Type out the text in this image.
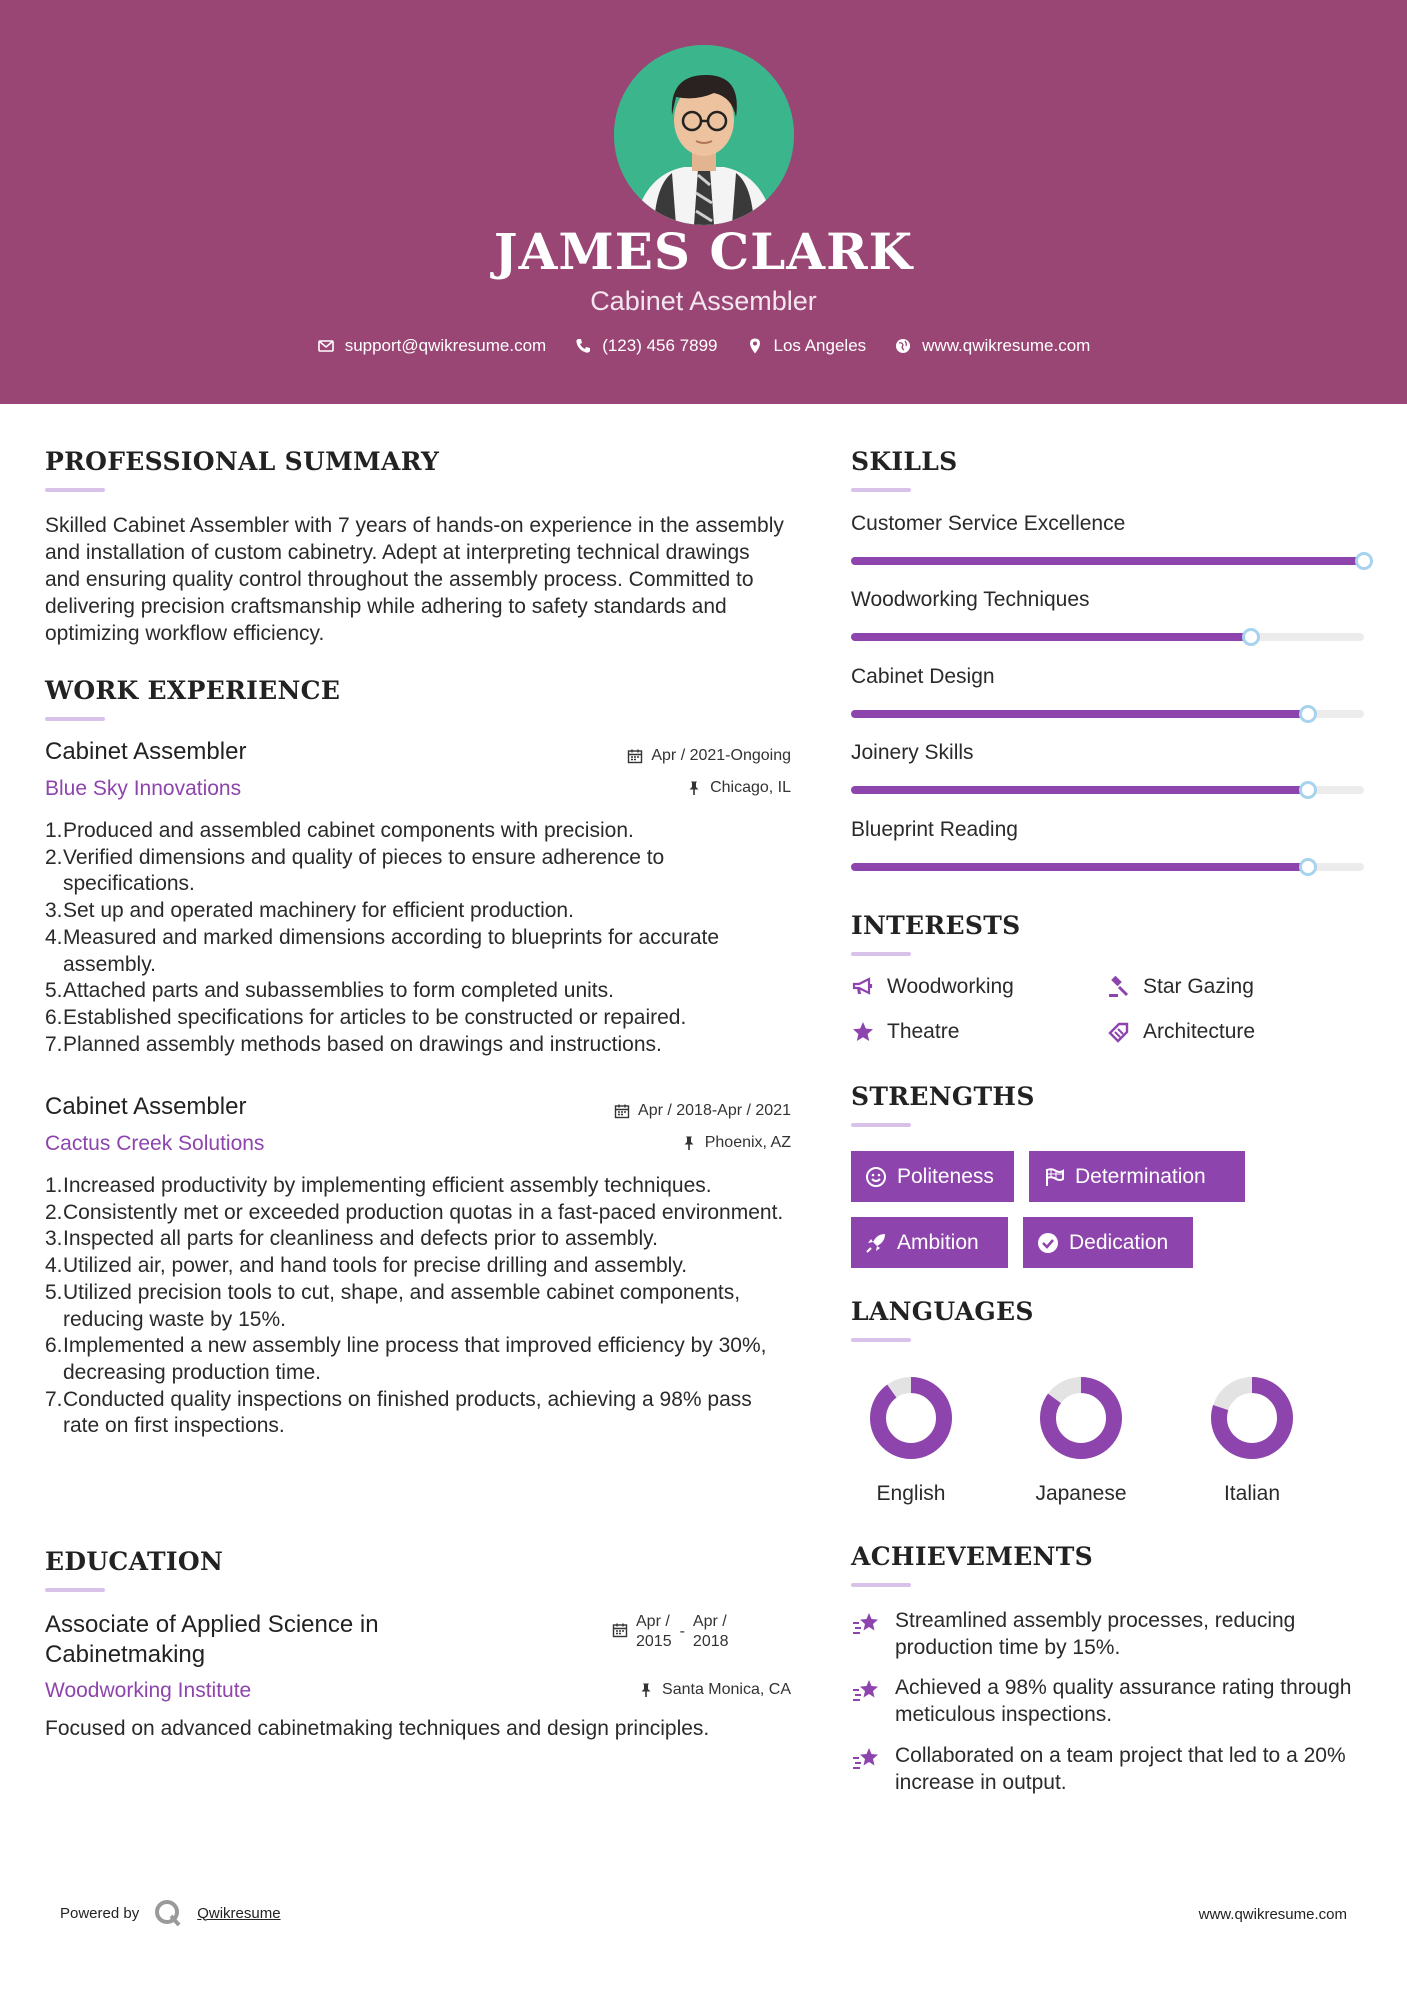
JAMES CLARK
Cabinet Assembler
support@qwikresume.com	(123) 456 7899	Los Angeles	www.qwikresume.com
PROFESSIONAL SUMMARY
Skilled Cabinet Assembler with 7 years of hands-on experience in the assembly and installation of custom cabinetry. Adept at interpreting technical drawings and ensuring quality control throughout the assembly process. Committed to delivering precision craftsmanship while adhering to safety standards and optimizing workflow efficiency.
WORK EXPERIENCE
Cabinet Assembler
Blue Sky Innovations
Apr / 2021-Ongoing
Chicago, IL
1. Produced and assembled cabinet components with precision.
2. Verified dimensions and quality of pieces to ensure adherence to specifications.
3. Set up and operated machinery for efficient production.
4. Measured and marked dimensions according to blueprints for accurate assembly.
5. Attached parts and subassemblies to form completed units.
6. Established specifications for articles to be constructed or repaired.
7. Planned assembly methods based on drawings and instructions.
Cabinet Assembler
Cactus Creek Solutions
Apr / 2018-Apr / 2021
Phoenix, AZ
1. Increased productivity by implementing efficient assembly techniques.
2. Consistently met or exceeded production quotas in a fast-paced environment.
3. Inspected all parts for cleanliness and defects prior to assembly.
4. Utilized air, power, and hand tools for precise drilling and assembly.
5. Utilized precision tools to cut, shape, and assemble cabinet components, reducing waste by 15%.
6. Implemented a new assembly line process that improved efficiency by 30%, decreasing production time.
7. Conducted quality inspections on finished products, achieving a 98% pass rate on first inspections.
EDUCATION
Associate of Applied Science in
Cabinetmaking
Woodworking Institute
Apr /
2015
-
Apr /
2018
Santa Monica, CA
Focused on advanced cabinetmaking techniques and design principles.
SKILLS
Customer Service Excellence
Woodworking Techniques
Cabinet Design
Joinery Skills
Blueprint Reading
INTERESTS
Woodworking	Star Gazing
Theatre	Architecture
STRENGTHS
Politeness	Determination
Ambition	Dedication
LANGUAGES
English	Japanese	Italian
ACHIEVEMENTS
Streamlined assembly processes, reducing production time by 15%.
Achieved a 98% quality assurance rating through meticulous inspections.
Collaborated on a team project that led to a 20% increase in output.
Powered by	Qwikresume	www.qwikresume.com
